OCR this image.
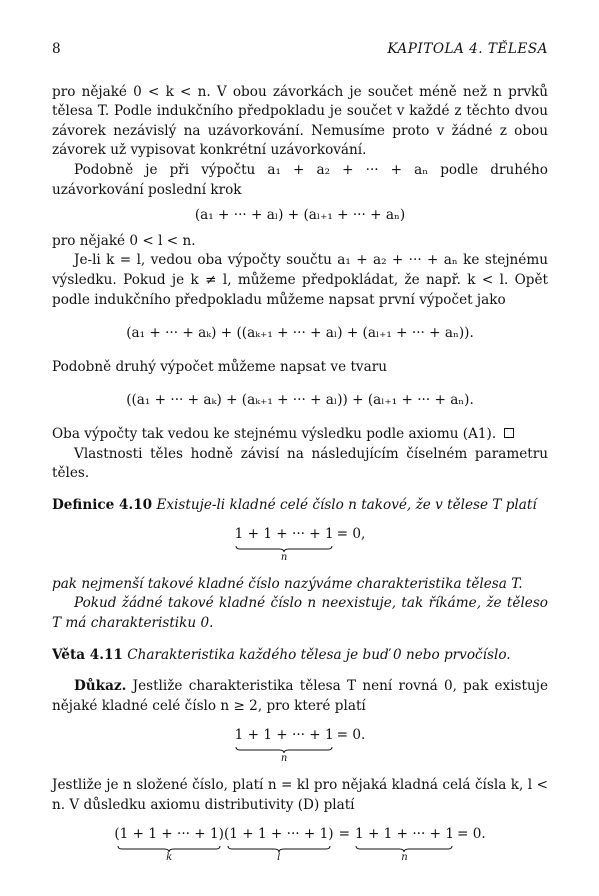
8	KAPITOLA 4. TĚLESA

pro nějaké 0 < k < n. V obou závorkách je součet méně než n prvků tělesa T. Podle indukčního předpokladu je součet v každé z těchto dvou závorek nezávislý na uzávorkování. Nemusíme proto v žádné z obou závorek už vypisovat konkrétní uzávorkování.

Podobně je při výpočtu a₁ + a₂ + ··· + aₙ podle druhého uzávorkování poslední krok

(a₁ + ··· + aₗ) + (aₗ₊₁ + ··· + aₙ)

pro nějaké 0 < l < n.

Je-li k = l, vedou oba výpočty součtu a₁ + a₂ + ··· + aₙ ke stejnému výsledku. Pokud je k ≠ l, můžeme předpokládat, že např. k < l. Opět podle indukčního předpokladu můžeme napsat první výpočet jako

(a₁ + ··· + aₖ) + ((aₖ₊₁ + ··· + aₗ) + (aₗ₊₁ + ··· + aₙ)).

Podobně druhý výpočet můžeme napsat ve tvaru

((a₁ + ··· + aₖ) + (aₖ₊₁ + ··· + aₗ)) + (aₗ₊₁ + ··· + aₙ).

Oba výpočty tak vedou ke stejnému výsledku podle axiomu (A1).

Vlastnosti těles hodně závisí na následujícím číselném parametru těles.

Definice 4.10 Existuje-li kladné celé číslo n takové, že v tělese T platí

1 + 1 + ··· + 1
n
= 0,

pak nejmenší takové kladné číslo nazýváme charakteristika tělesa T.

Pokud žádné takové kladné číslo n neexistuje, tak říkáme, že těleso T má charakteristiku 0.

Věta 4.11 Charakteristika každého tělesa je buď 0 nebo prvočíslo.

Důkaz. Jestliže charakteristika tělesa T není rovná 0, pak existuje nějaké kladné celé číslo n ≥ 2, pro které platí

1 + 1 + ··· + 1
n
= 0.

Jestliže je n složené číslo, platí n = kl pro nějaká kladná celá čísla k, l < n. V důsledku axiomu distributivity (D) platí

(1 + 1 + ··· + 1)
k
(1 + 1 + ··· + 1)
l
= 1 + 1 + ··· + 1
n
= 0.
